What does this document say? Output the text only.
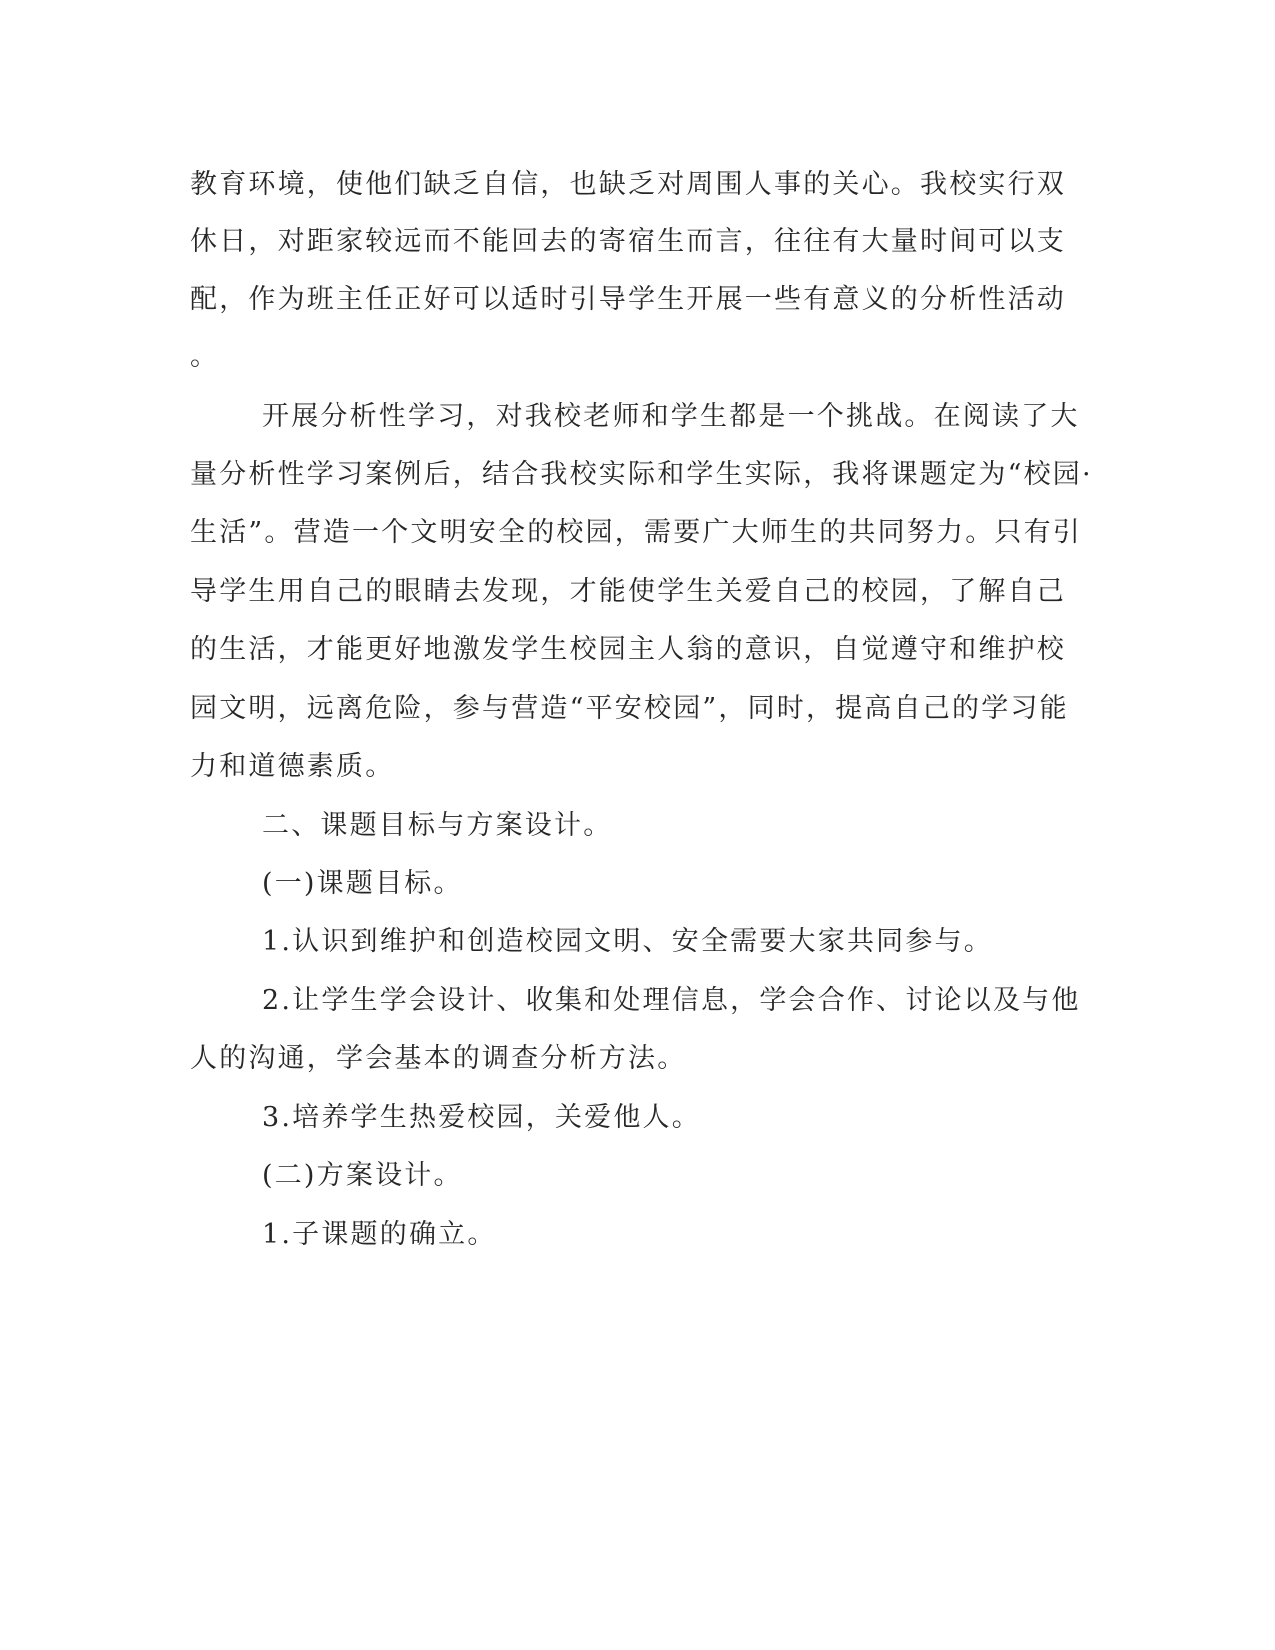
教育环境，使他们缺乏自信，也缺乏对周围人事的关心。我校实行双
休日，对距家较远而不能回去的寄宿生而言，往往有大量时间可以支
配，作为班主任正好可以适时引导学生开展一些有意义的分析性活动
。
开展分析性学习，对我校老师和学生都是一个挑战。在阅读了大
量分析性学习案例后，结合我校实际和学生实际，我将课题定为“校园·
生活”。营造一个文明安全的校园，需要广大师生的共同努力。只有引
导学生用自己的眼睛去发现，才能使学生关爱自己的校园，了解自己
的生活，才能更好地激发学生校园主人翁的意识，自觉遵守和维护校
园文明，远离危险，参与营造“平安校园”，同时，提高自己的学习能
力和道德素质。
二、课题目标与方案设计。
(一)课题目标。
1.认识到维护和创造校园文明、安全需要大家共同参与。
2.让学生学会设计、收集和处理信息，学会合作、讨论以及与他
人的沟通，学会基本的调查分析方法。
3.培养学生热爱校园，关爱他人。
(二)方案设计。
1.子课题的确立。
